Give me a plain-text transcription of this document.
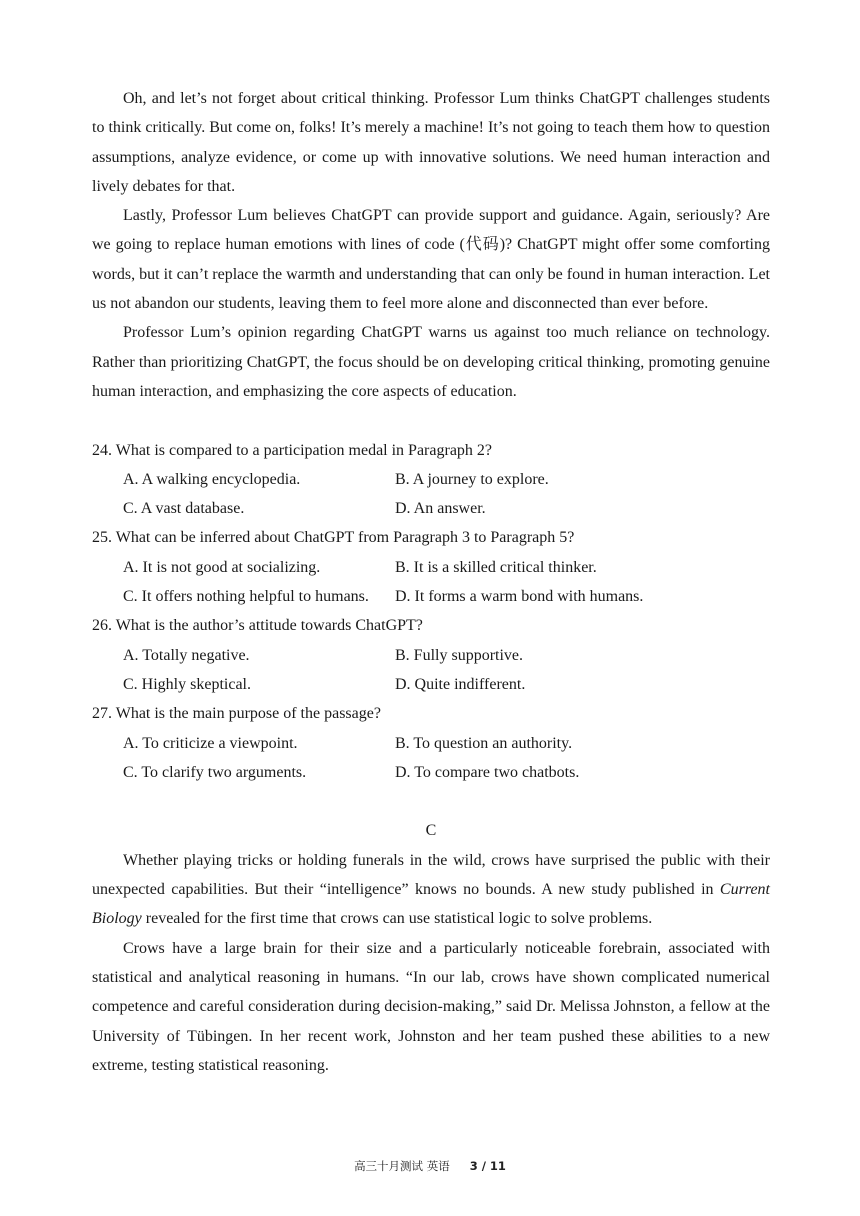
Oh, and let’s not forget about critical thinking. Professor Lum thinks ChatGPT challenges students to think critically. But come on, folks! It’s merely a machine! It’s not going to teach them how to question assumptions, analyze evidence, or come up with innovative solutions. We need human interaction and lively debates for that.

Lastly, Professor Lum believes ChatGPT can provide support and guidance. Again, seriously? Are we going to replace human emotions with lines of code (代码)? ChatGPT might offer some comforting words, but it can’t replace the warmth and understanding that can only be found in human interaction. Let us not abandon our students, leaving them to feel more alone and disconnected than ever before.

Professor Lum’s opinion regarding ChatGPT warns us against too much reliance on technology. Rather than prioritizing ChatGPT, the focus should be on developing critical thinking, promoting genuine human interaction, and emphasizing the core aspects of education.

24. What is compared to a participation medal in Paragraph 2?

A. A walking encyclopedia.	B. A journey to explore.
C. A vast database.	D. An answer.

25. What can be inferred about ChatGPT from Paragraph 3 to Paragraph 5?

A. It is not good at socializing.	B. It is a skilled critical thinker.
C. It offers nothing helpful to humans.	D. It forms a warm bond with humans.

26. What is the author’s attitude towards ChatGPT?

A. Totally negative.	B. Fully supportive.
C. Highly skeptical.	D. Quite indifferent.

27. What is the main purpose of the passage?

A. To criticize a viewpoint.	B. To question an authority.
C. To clarify two arguments.	D. To compare two chatbots.

C

Whether playing tricks or holding funerals in the wild, crows have surprised the public with their unexpected capabilities. But their “intelligence” knows no bounds. A new study published in Current Biology revealed for the first time that crows can use statistical logic to solve problems.

Crows have a large brain for their size and a particularly noticeable forebrain, associated with statistical and analytical reasoning in humans. “In our lab, crows have shown complicated numerical competence and careful consideration during decision-making,” said Dr. Melissa Johnston, a fellow at the University of Tübingen. In her recent work, Johnston and her team pushed these abilities to a new extreme, testing statistical reasoning.

高三十月测试 英语 3 / 11
